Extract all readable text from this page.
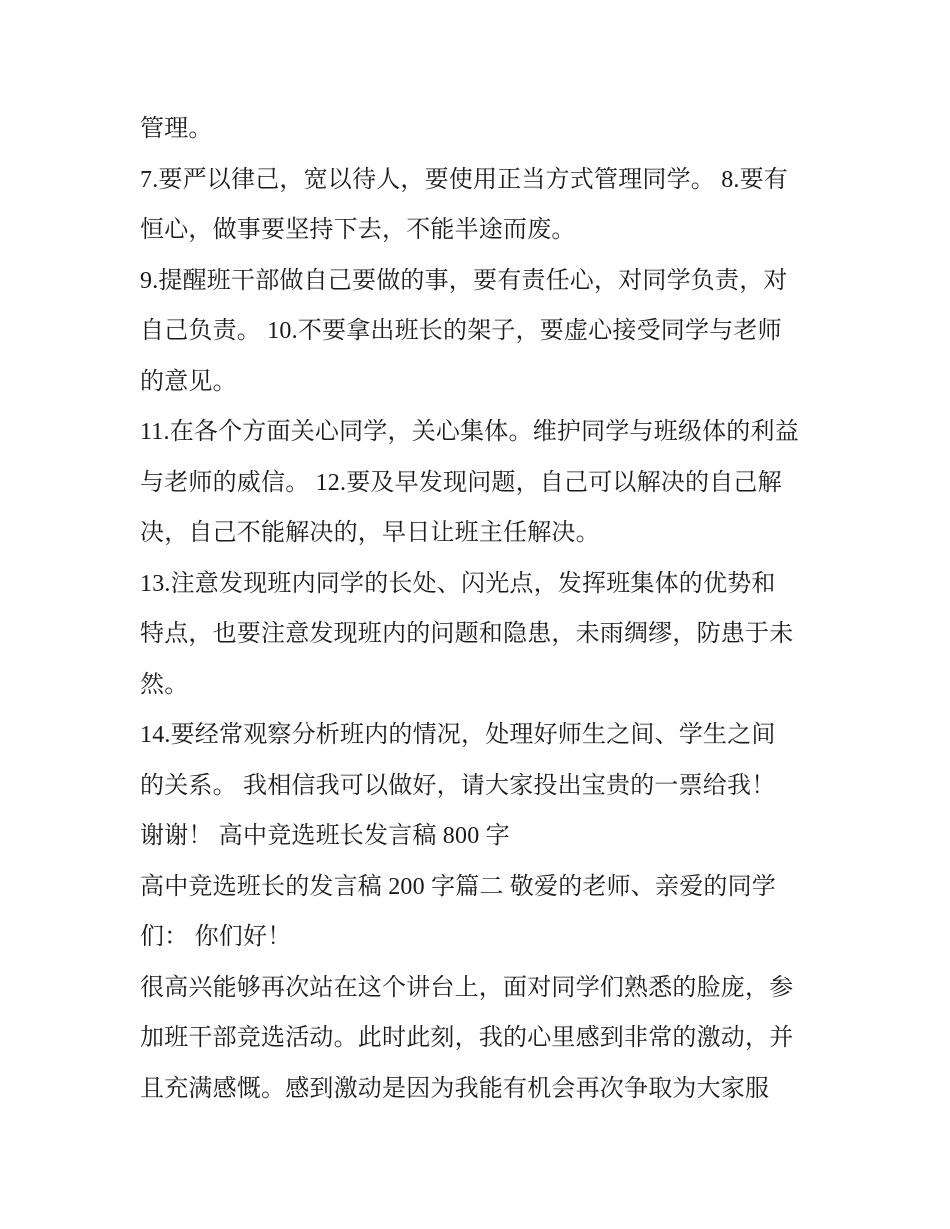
管理。
7.要严以律己，宽以待人，要使用正当方式管理同学。 8.要有
恒心，做事要坚持下去，不能半途而废。
9.提醒班干部做自己要做的事，要有责任心，对同学负责，对
自己负责。 10.不要拿出班长的架子，要虚心接受同学与老师
的意见。
11.在各个方面关心同学，关心集体。维护同学与班级体的利益
与老师的威信。 12.要及早发现问题，自己可以解决的自己解
决，自己不能解决的，早日让班主任解决。
13.注意发现班内同学的长处、闪光点，发挥班集体的优势和
特点，也要注意发现班内的问题和隐患，未雨绸缪，防患于未
然。
14.要经常观察分析班内的情况，处理好师生之间、学生之间
的关系。 我相信我可以做好，请大家投出宝贵的一票给我！
谢谢！ 高中竞选班长发言稿 800 字
高中竞选班长的发言稿 200 字篇二 敬爱的老师、亲爱的同学
们： 你们好！
很高兴能够再次站在这个讲台上，面对同学们熟悉的脸庞，参
加班干部竞选活动。此时此刻，我的心里感到非常的激动，并
且充满感慨。感到激动是因为我能有机会再次争取为大家服
